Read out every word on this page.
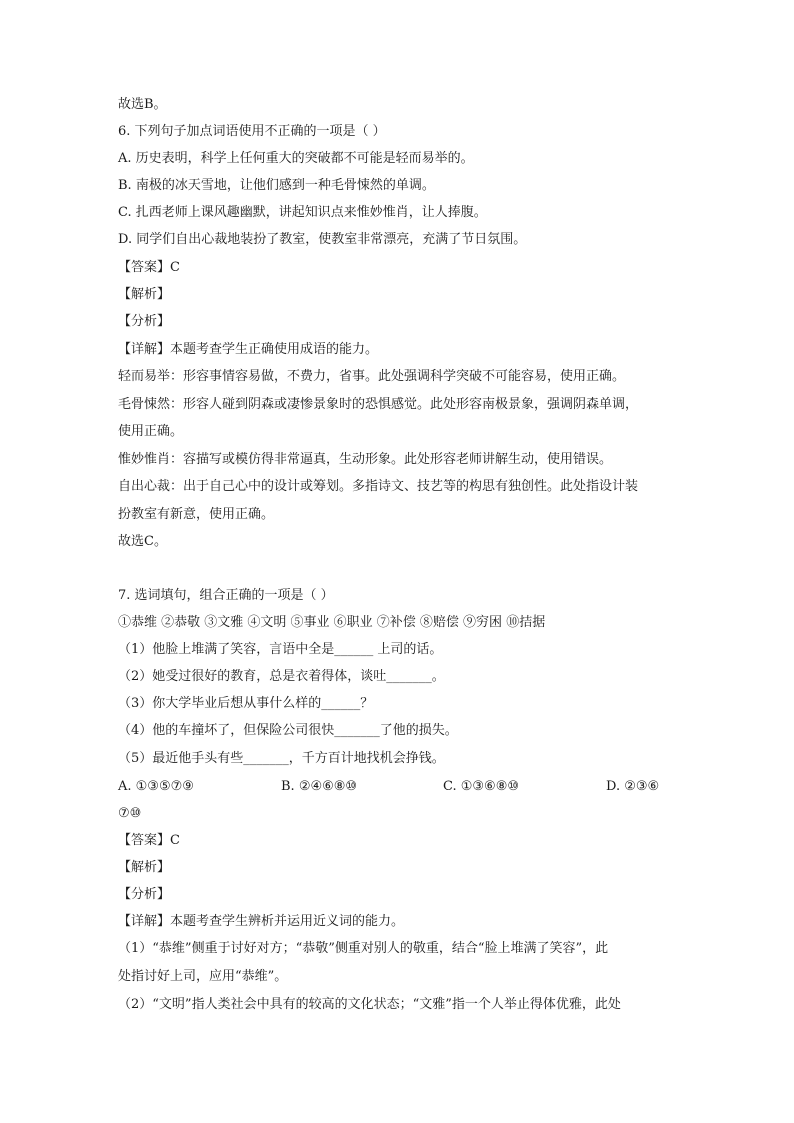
故选B。
6. 下列句子加点词语使用不正确的一项是（ ）
A. 历史表明，科学上任何重大的突破都不可能是轻而易举的。
B. 南极的冰天雪地，让他们感到一种毛骨悚然的单调。
C. 扎西老师上课风趣幽默，讲起知识点来惟妙惟肖，让人捧腹。
D. 同学们自出心裁地装扮了教室，使教室非常漂亮，充满了节日氛围。
【答案】C
【解析】
【分析】
【详解】本题考查学生正确使用成语的能力。
轻而易举：形容事情容易做，不费力，省事。此处强调科学突破不可能容易，使用正确。
毛骨悚然：形容人碰到阴森或凄惨景象时的恐惧感觉。此处形容南极景象，强调阴森单调，
使用正确。
惟妙惟肖：容描写或模仿得非常逼真，生动形象。此处形容老师讲解生动，使用错误。
自出心裁：出于自己心中的设计或筹划。多指诗文、技艺等的构思有独创性。此处指设计装
扮教室有新意，使用正确。
故选C。
7. 选词填句，组合正确的一项是（ ）
①恭维 ②恭敬 ③文雅 ④文明 ⑤事业 ⑥职业 ⑦补偿 ⑧赔偿 ⑨穷困 ⑩拮据
（1）他脸上堆满了笑容，言语中全是______ 上司的话。
（2）她受过很好的教育，总是衣着得体，谈吐_______。
（3）你大学毕业后想从事什么样的______？
（4）他的车撞坏了，但保险公司很快_______了他的损失。
（5）最近他手头有些_______，千方百计地找机会挣钱。
A. ①③⑤⑦⑨	B. ②④⑥⑧⑩	C. ①③⑥⑧⑩	D. ②③⑥
⑦⑩
【答案】C
【解析】
【分析】
【详解】本题考查学生辨析并运用近义词的能力。
（1）“恭维”侧重于讨好对方；“恭敬”侧重对别人的敬重，结合“脸上堆满了笑容”，此
处指讨好上司，应用“恭维”。
（2）“文明”指人类社会中具有的较高的文化状态；“文雅”指一个人举止得体优雅，此处
